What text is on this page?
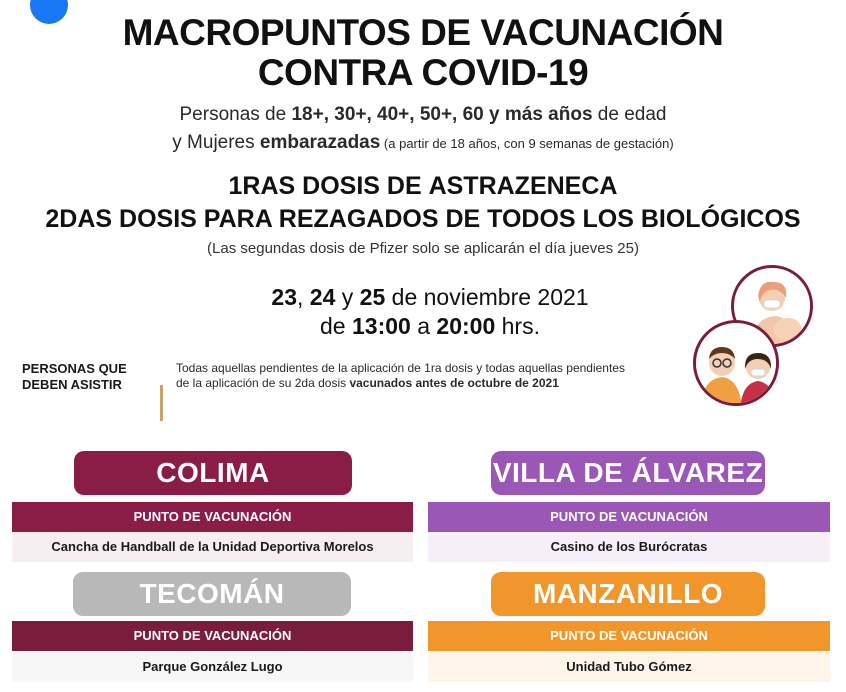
MACROPUNTOS DE VACUNACIÓN
CONTRA COVID-19
Personas de 18+, 30+, 40+, 50+, 60 y más años de edad
y Mujeres embarazadas (a partir de 18 años, con 9 semanas de gestación)
1RAS DOSIS DE ASTRAZENECA
2DAS DOSIS PARA REZAGADOS DE TODOS LOS BIOLÓGICOS
(Las segundas dosis de Pfizer solo se aplicarán el día jueves 25)
23, 24 y 25 de noviembre 2021
de 13:00 a 20:00 hrs.
PERSONAS QUE
DEBEN ASISTIR
Todas aquellas pendientes de la aplicación de 1ra dosis y todas aquellas pendientes
de la aplicación de su 2da dosis vacunados antes de octubre de 2021
COLIMA
PUNTO DE VACUNACIÓN
Cancha de Handball de la Unidad Deportiva Morelos
VILLA DE ÁLVAREZ
PUNTO DE VACUNACIÓN
Casino de los Burócratas
TECOMÁN
PUNTO DE VACUNACIÓN
Parque González Lugo
MANZANILLO
PUNTO DE VACUNACIÓN
Unidad Tubo Gómez
